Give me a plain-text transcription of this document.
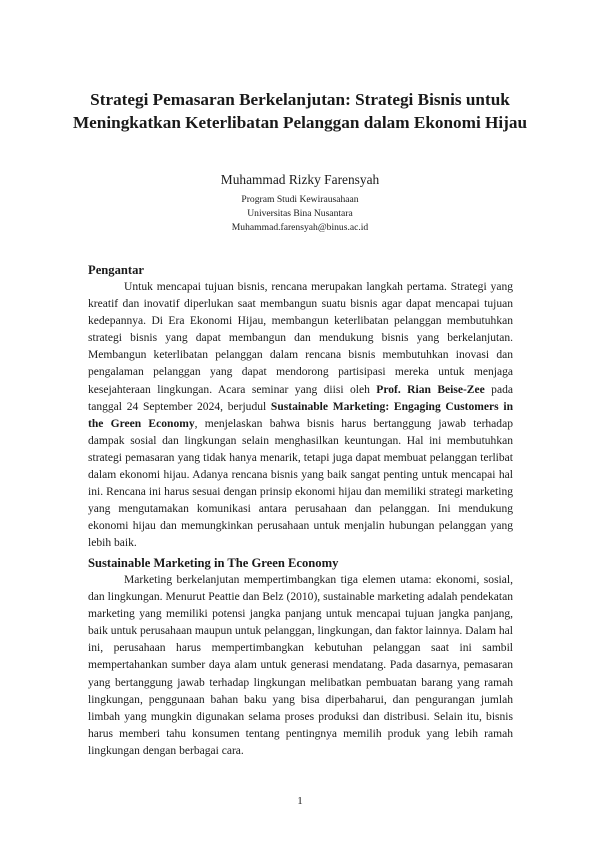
Strategi Pemasaran Berkelanjutan: Strategi Bisnis untuk Meningkatkan Keterlibatan Pelanggan dalam Ekonomi Hijau
Muhammad Rizky Farensyah
Program Studi Kewirausahaan
Universitas Bina Nusantara
Muhammad.farensyah@binus.ac.id
Pengantar

Untuk mencapai tujuan bisnis, rencana merupakan langkah pertama. Strategi yang kreatif dan inovatif diperlukan saat membangun suatu bisnis agar dapat mencapai tujuan kedepannya. Di Era Ekonomi Hijau, membangun keterlibatan pelanggan membutuhkan strategi bisnis yang dapat membangun dan mendukung bisnis yang berkelanjutan. Membangun keterlibatan pelanggan dalam rencana bisnis membutuhkan inovasi dan pengalaman pelanggan yang dapat mendorong partisipasi mereka untuk menjaga kesejahteraan lingkungan. Acara seminar yang diisi oleh Prof. Rian Beise-Zee pada tanggal 24 September 2024, berjudul Sustainable Marketing: Engaging Customers in the Green Economy, menjelaskan bahwa bisnis harus bertanggung jawab terhadap dampak sosial dan lingkungan selain menghasilkan keuntungan. Hal ini membutuhkan strategi pemasaran yang tidak hanya menarik, tetapi juga dapat membuat pelanggan terlibat dalam ekonomi hijau. Adanya rencana bisnis yang baik sangat penting untuk mencapai hal ini. Rencana ini harus sesuai dengan prinsip ekonomi hijau dan memiliki strategi marketing yang mengutamakan komunikasi antara perusahaan dan pelanggan. Ini mendukung ekonomi hijau dan memungkinkan perusahaan untuk menjalin hubungan pelanggan yang lebih baik.

Sustainable Marketing in The Green Economy

Marketing berkelanjutan mempertimbangkan tiga elemen utama: ekonomi, sosial, dan lingkungan. Menurut Peattie dan Belz (2010), sustainable marketing adalah pendekatan marketing yang memiliki potensi jangka panjang untuk mencapai tujuan jangka panjang, baik untuk perusahaan maupun untuk pelanggan, lingkungan, dan faktor lainnya. Dalam hal ini, perusahaan harus mempertimbangkan kebutuhan pelanggan saat ini sambil mempertahankan sumber daya alam untuk generasi mendatang. Pada dasarnya, pemasaran yang bertanggung jawab terhadap lingkungan melibatkan pembuatan barang yang ramah lingkungan, penggunaan bahan baku yang bisa diperbaharui, dan pengurangan jumlah limbah yang mungkin digunakan selama proses produksi dan distribusi. Selain itu, bisnis harus memberi tahu konsumen tentang pentingnya memilih produk yang lebih ramah lingkungan dengan berbagai cara.

1
